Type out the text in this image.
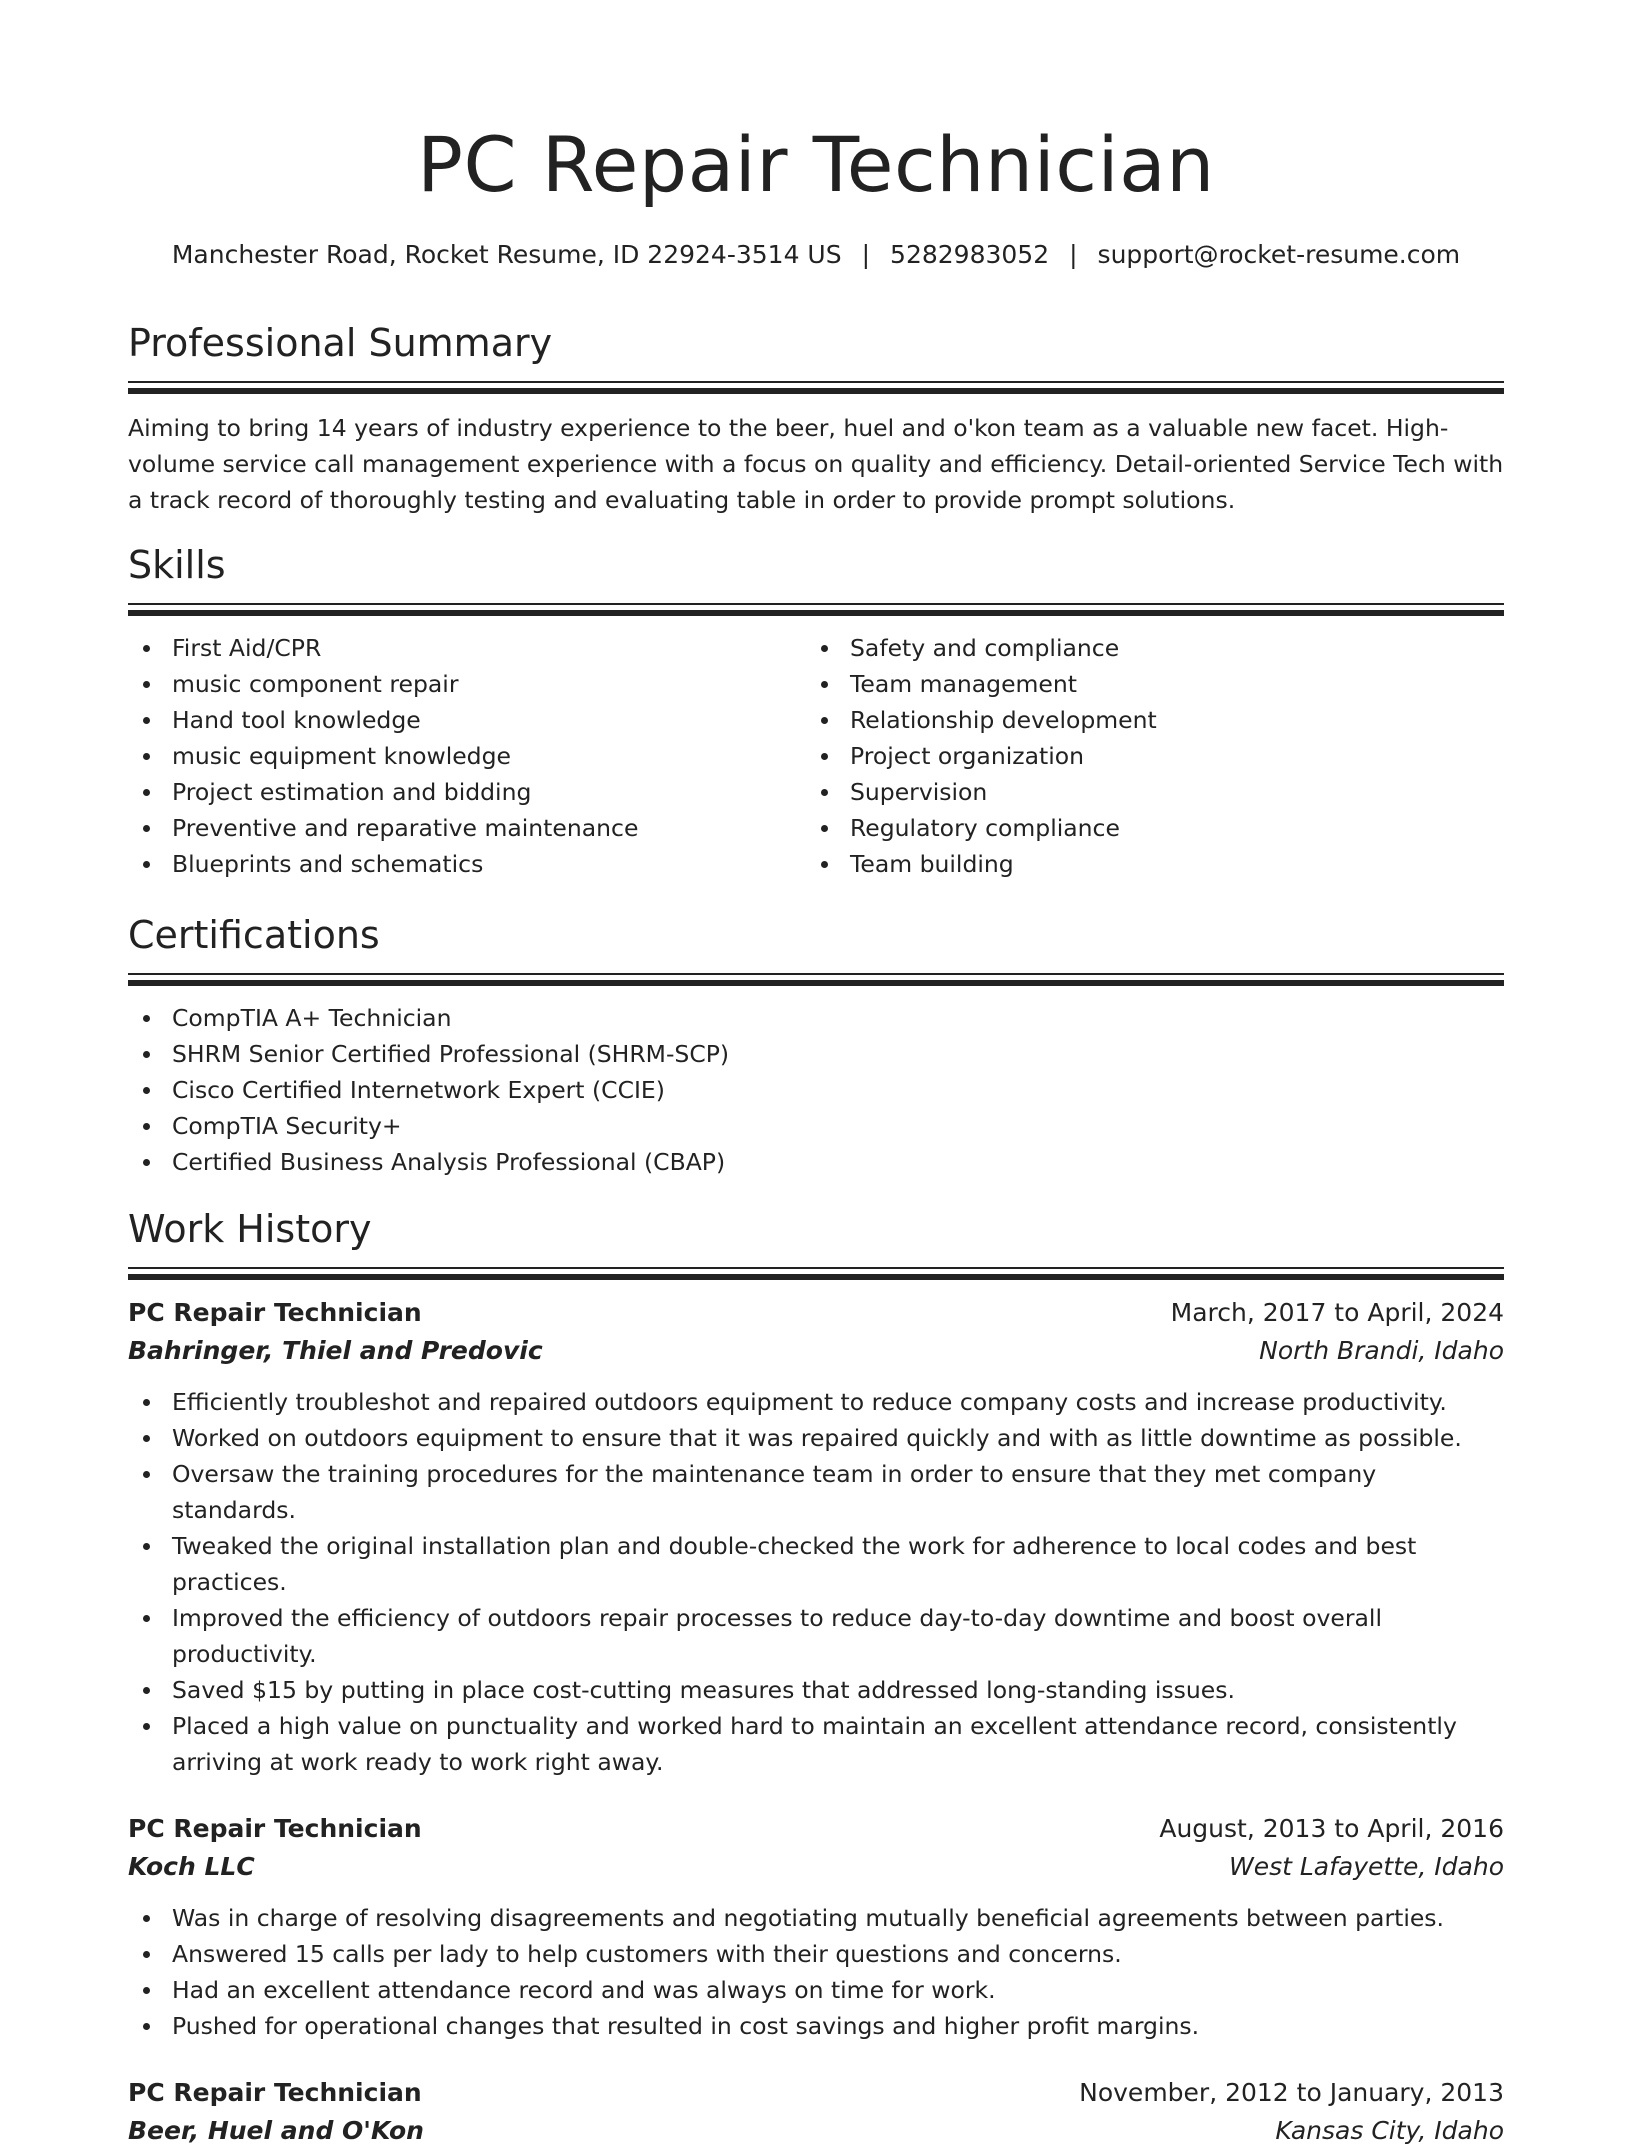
PC Repair Technician
Manchester Road, Rocket Resume, ID 22924-3514 US | 5282983052 | support@rocket-resume.com
Professional Summary
Aiming to bring 14 years of industry experience to the beer, huel and o'kon team as a valuable new facet. High-volume service call management experience with a focus on quality and efficiency. Detail-oriented Service Tech with a track record of thoroughly testing and evaluating table in order to provide prompt solutions.
Skills
First Aid/CPR
music component repair
Hand tool knowledge
music equipment knowledge
Project estimation and bidding
Preventive and reparative maintenance
Blueprints and schematics
Safety and compliance
Team management
Relationship development
Project organization
Supervision
Regulatory compliance
Team building
Certifications
CompTIA A+ Technician
SHRM Senior Certified Professional (SHRM-SCP)
Cisco Certified Internetwork Expert (CCIE)
CompTIA Security+
Certified Business Analysis Professional (CBAP)
Work History
PC Repair Technician	March, 2017 to April, 2024
Bahringer, Thiel and Predovic	North Brandi, Idaho
Efficiently troubleshot and repaired outdoors equipment to reduce company costs and increase productivity.
Worked on outdoors equipment to ensure that it was repaired quickly and with as little downtime as possible.
Oversaw the training procedures for the maintenance team in order to ensure that they met company standards.
Tweaked the original installation plan and double-checked the work for adherence to local codes and best practices.
Improved the efficiency of outdoors repair processes to reduce day-to-day downtime and boost overall productivity.
Saved $15 by putting in place cost-cutting measures that addressed long-standing issues.
Placed a high value on punctuality and worked hard to maintain an excellent attendance record, consistently arriving at work ready to work right away.
PC Repair Technician	August, 2013 to April, 2016
Koch LLC	West Lafayette, Idaho
Was in charge of resolving disagreements and negotiating mutually beneficial agreements between parties.
Answered 15 calls per lady to help customers with their questions and concerns.
Had an excellent attendance record and was always on time for work.
Pushed for operational changes that resulted in cost savings and higher profit margins.
PC Repair Technician	November, 2012 to January, 2013
Beer, Huel and O'Kon	Kansas City, Idaho
